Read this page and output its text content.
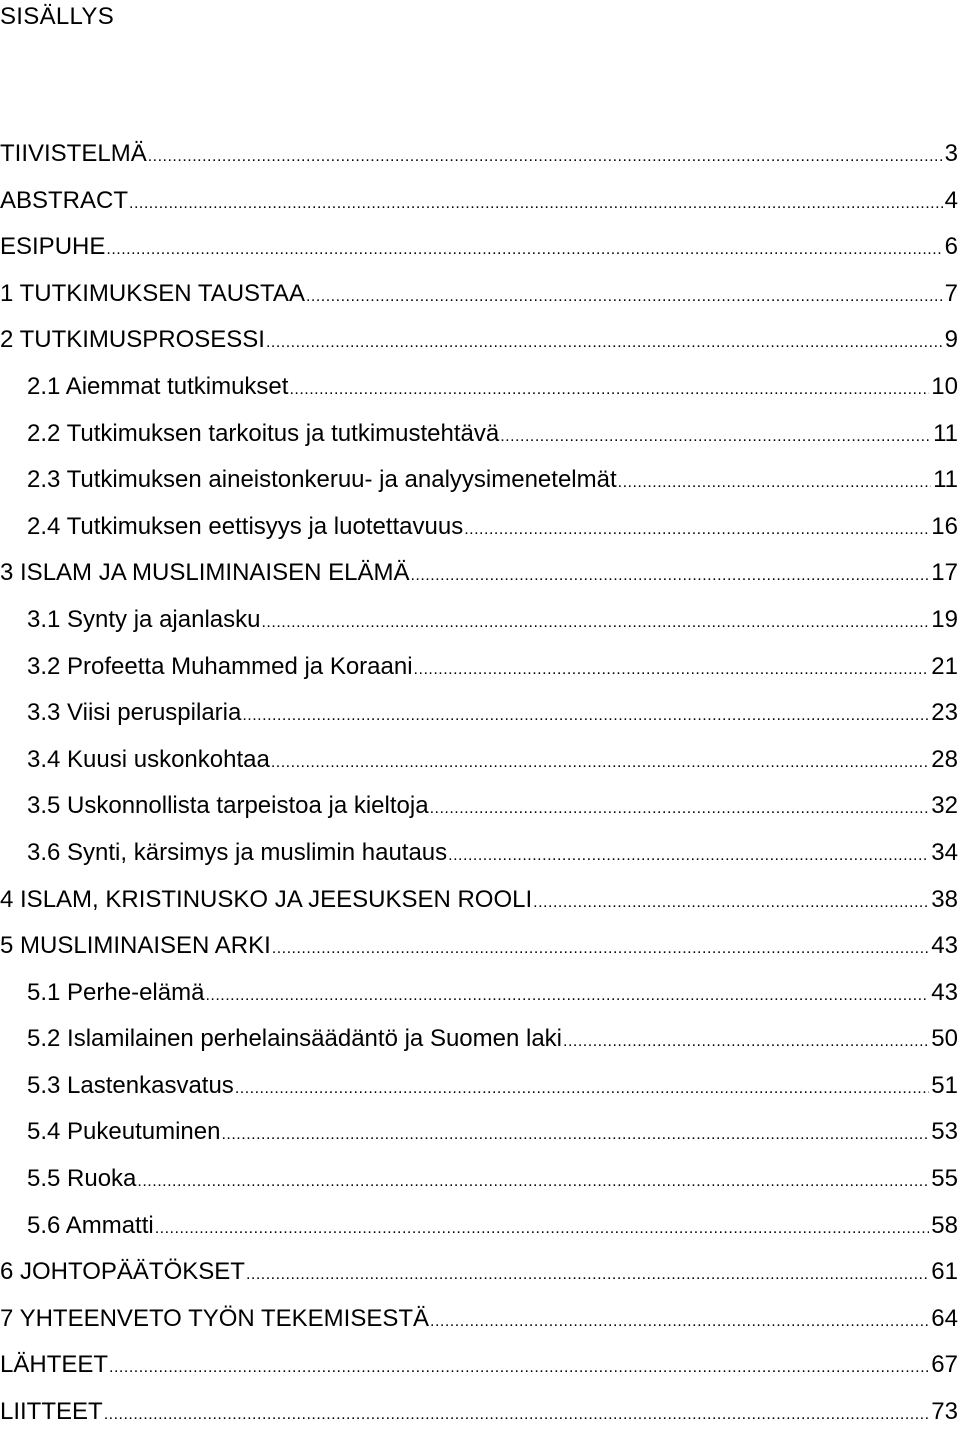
SISÄLLYS
TIIVISTELMÄ .....	3
ABSTRACT .....	4
ESIPUHE .....	6
1 TUTKIMUKSEN TAUSTAA .....	7
2 TUTKIMUSPROSESSI .....	9
2.1 Aiemmat tutkimukset .....	10
2.2 Tutkimuksen tarkoitus ja tutkimustehtävä .....	11
2.3 Tutkimuksen aineistonkeruu- ja analyysimenetelmät .....	11
2.4 Tutkimuksen eettisyys ja luotettavuus .....	16
3 ISLAM JA MUSLIMINAISEN ELÄMÄ .....	17
3.1 Synty ja ajanlasku .....	19
3.2 Profeetta Muhammed ja Koraani .....	21
3.3 Viisi peruspilaria .....	23
3.4 Kuusi uskonkohtaa .....	28
3.5 Uskonnollista tarpeistoa ja kieltoja .....	32
3.6 Synti, kärsimys ja muslimin hautaus .....	34
4 ISLAM, KRISTINUSKO JA JEESUKSEN ROOLI .....	38
5 MUSLIMINAISEN ARKI .....	43
5.1 Perhe-elämä .....	43
5.2 Islamilainen perhelainsäädäntö ja Suomen laki .....	50
5.3 Lastenkasvatus .....	51
5.4 Pukeutuminen .....	53
5.5 Ruoka .....	55
5.6 Ammatti .....	58
6 JOHTOPÄÄTÖKSET .....	61
7 YHTEENVETO TYÖN TEKEMISESTÄ .....	64
LÄHTEET .....	67
LIITTEET .....	73
